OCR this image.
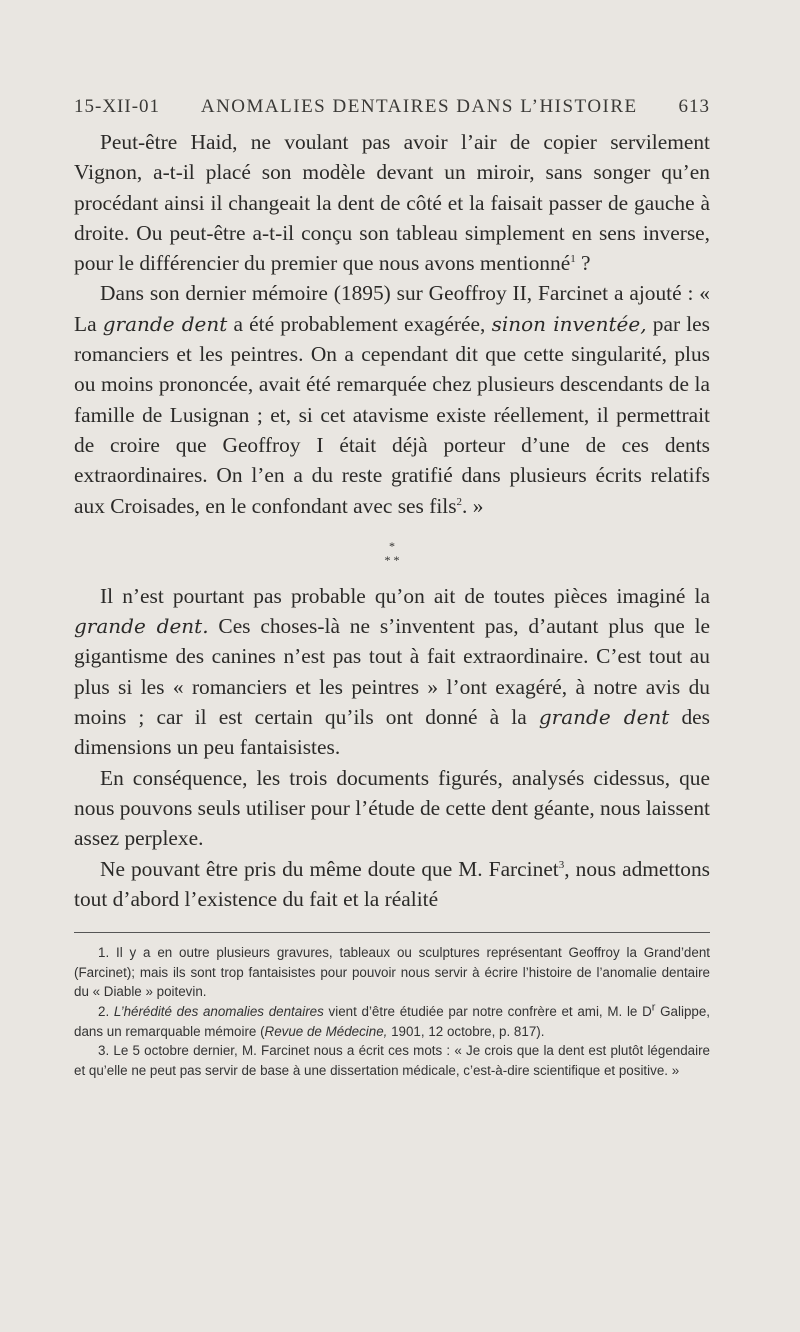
15-XII-01 ANOMALIES DENTAIRES DANS L’HISTOIRE 613

Peut-être Haid, ne voulant pas avoir l’air de copier servilement Vignon, a-t-il placé son modèle devant un miroir, sans songer qu’en procédant ainsi il changeait la dent de côté et la faisait passer de gauche à droite. Ou peut-être a-t-il conçu son tableau simplement en sens inverse, pour le différencier du premier que nous avons mentionné$^1$ ?

Dans son dernier mémoire (1895) sur Geoffroy II, Farcinet a ajouté : « La grande dent a été probablement exagérée, sinon inventée, par les romanciers et les peintres. On a cependant dit que cette singularité, plus ou moins prononcée, avait été remarquée chez plusieurs descendants de la famille de Lusignan ; et, si cet atavisme existe réellement, il permettrait de croire que Geoffroy I était déjà porteur d’une de ces dents extraordinaires. On l’en a du reste gratifié dans plusieurs écrits relatifs aux Croisades, en le confondant avec ses fils$^2$. »

*
* *

Il n’est pourtant pas probable qu’on ait de toutes pièces imaginé la grande dent. Ces choses-là ne s’inventent pas, d’autant plus que le gigantisme des canines n’est pas tout à fait extraordinaire. C’est tout au plus si les « romanciers et les peintres » l’ont exagéré, à notre avis du moins ; car il est certain qu’ils ont donné à la grande dent des dimensions un peu fantaisistes.

En conséquence, les trois documents figurés, analysés cidessus, que nous pouvons seuls utiliser pour l’étude de cette dent géante, nous laissent assez perplexe.

Ne pouvant être pris du même doute que M. Farcinet$^3$, nous admettons tout d’abord l’existence du fait et la réalité

1. Il y a en outre plusieurs gravures, tableaux ou sculptures représentant Geoffroy la Grand’dent (Farcinet); mais ils sont trop fantaisistes pour pouvoir nous servir à écrire l’histoire de l’anomalie dentaire du « Diable » poitevin.

2. L’hérédité des anomalies dentaires vient d’être étudiée par notre confrère et ami, M. le $D^r$ Galippe, dans un remarquable mémoire (Revue de Médecine, 1901, 12 octobre, p. 817).

3. Le 5 octobre dernier, M. Farcinet nous a écrit ces mots : « Je crois que la dent est plutôt légendaire et qu’elle ne peut pas servir de base à une dissertation médicale, c’est-à-dire scientifique et positive. »
